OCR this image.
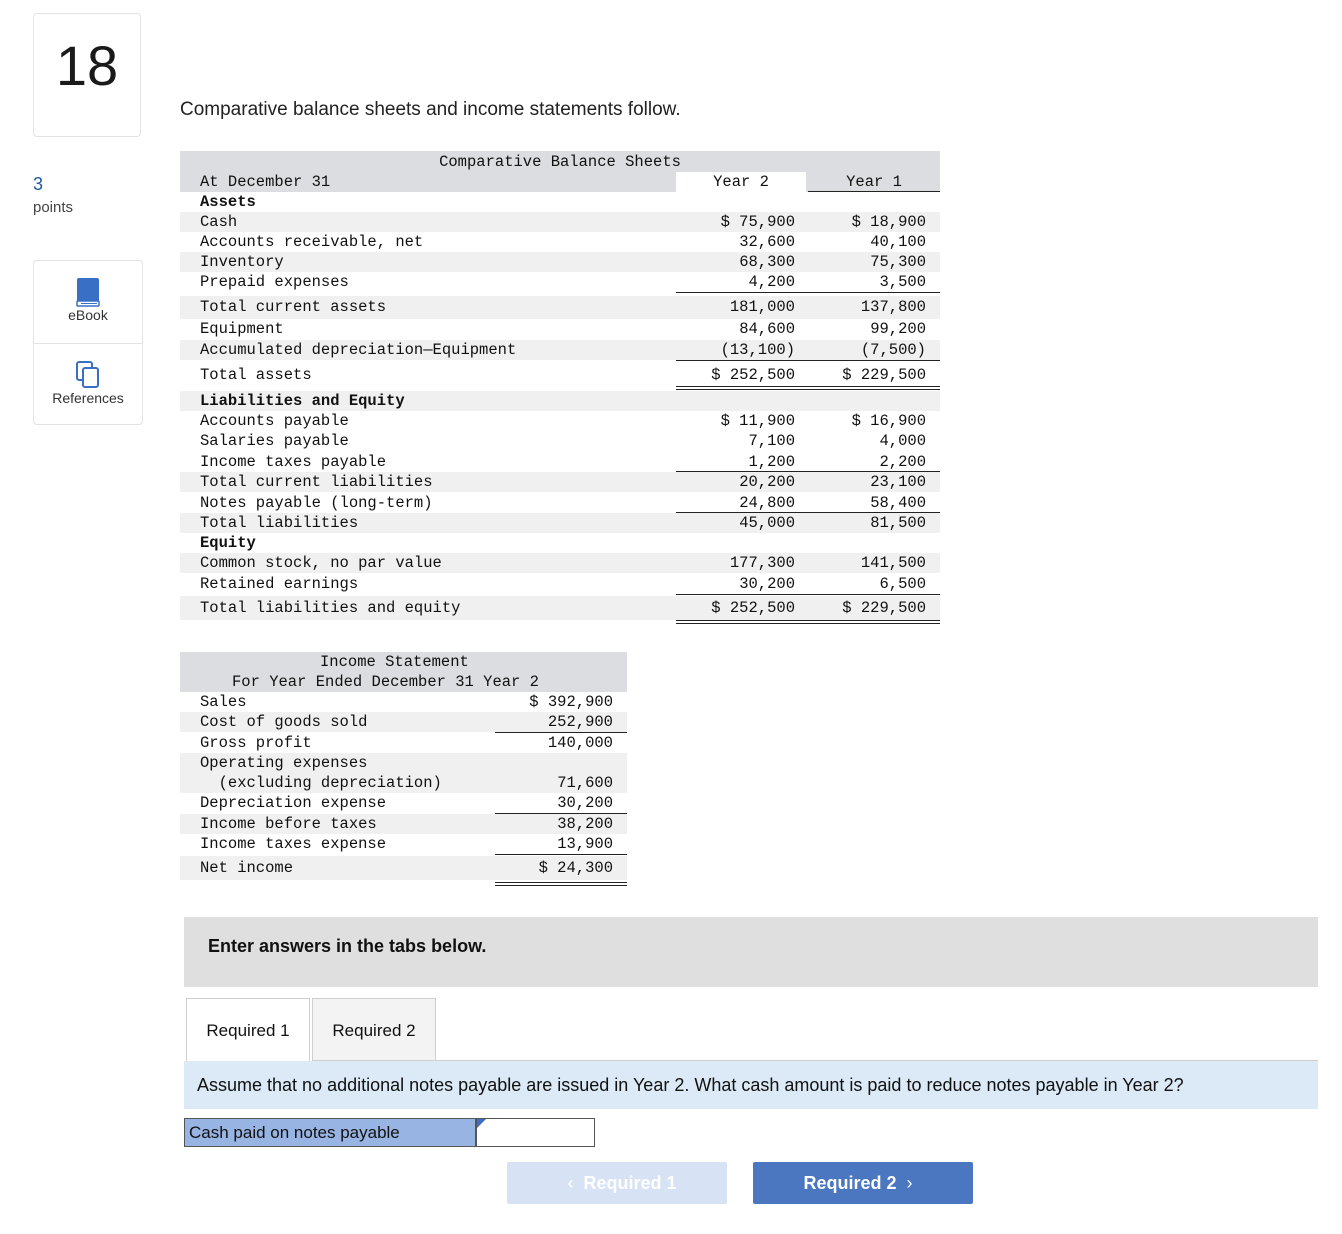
18
3
points
eBook
References
Comparative balance sheets and income statements follow.
Comparative Balance Sheets
At December 31	Year 2	Year 1
Assets
Cash	$ 75,900	$ 18,900
Accounts receivable, net	32,600	40,100
Inventory	68,300	75,300
Prepaid expenses	4,200	3,500
Total current assets	181,000	137,800
Equipment	84,600	99,200
Accumulated depreciation—Equipment	(13,100)	(7,500)
Total assets	$ 252,500	$ 229,500
Liabilities and Equity
Accounts payable	$ 11,900	$ 16,900
Salaries payable	7,100	4,000
Income taxes payable	1,200	2,200
Total current liabilities	20,200	23,100
Notes payable (long-term)	24,800	58,400
Total liabilities	45,000	81,500
Equity
Common stock, no par value	177,300	141,500
Retained earnings	30,200	6,500
Total liabilities and equity	$ 252,500	$ 229,500
Income Statement
For Year Ended December 31 Year 2
Sales	$ 392,900
Cost of goods sold	252,900
Gross profit	140,000
Operating expenses
(excluding depreciation)	71,600
Depreciation expense	30,200
Income before taxes	38,200
Income taxes expense	13,900
Net income	$ 24,300
Enter answers in the tabs below.
Required 1	Required 2
Assume that no additional notes payable are issued in Year 2. What cash amount is paid to reduce notes payable in Year 2?
Cash paid on notes payable
‹ Required 1	Required 2 ›
